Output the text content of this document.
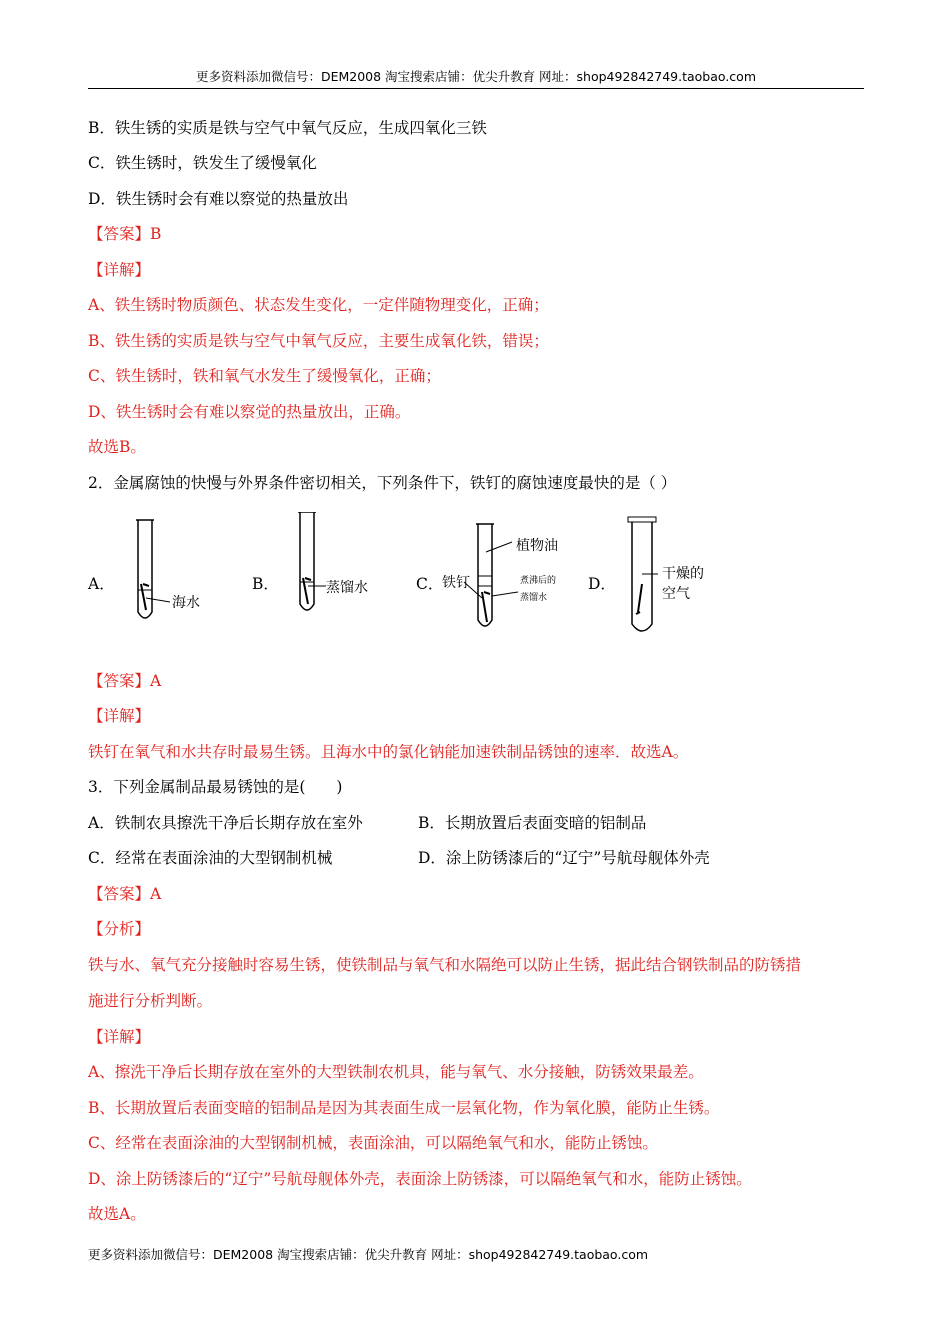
更多资料添加微信号：DEM2008 淘宝搜索店铺：优尖升教育 网址：shop492842749.taobao.com
B．铁生锈的实质是铁与空气中氧气反应，生成四氧化三铁
C．铁生锈时，铁发生了缓慢氧化
D．铁生锈时会有难以察觉的热量放出
【答案】B
【详解】
A、铁生锈时物质颜色、状态发生变化，一定伴随物理变化，正确；
B、铁生锈的实质是铁与空气中氧气反应，主要生成氧化铁，错误；
C、铁生锈时，铁和氧气水发生了缓慢氧化，正确；
D、铁生锈时会有难以察觉的热量放出，正确。
故选B。
2．金属腐蚀的快慢与外界条件密切相关，下列条件下，铁钉的腐蚀速度最快的是（ ）
A．	B．	C．	D．
海水
蒸馏水
植物油
铁钉	煮沸后的
蒸馏水
干燥的
空气
【答案】A
【详解】
铁钉在氧气和水共存时最易生锈。且海水中的氯化钠能加速铁制品锈蚀的速率．故选A。
3．下列金属制品最易锈蚀的是(　　)
A．铁制农具擦洗干净后长期存放在室外	B．长期放置后表面变暗的铝制品
C．经常在表面涂油的大型钢制机械	D．涂上防锈漆后的“辽宁”号航母舰体外壳
【答案】A
【分析】
铁与水、氧气充分接触时容易生锈，使铁制品与氧气和水隔绝可以防止生锈，据此结合钢铁制品的防锈措
施进行分析判断。
【详解】
A、擦洗干净后长期存放在室外的大型铁制农机具，能与氧气、水分接触，防锈效果最差。
B、长期放置后表面变暗的铝制品是因为其表面生成一层氧化物，作为氧化膜，能防止生锈。
C、经常在表面涂油的大型钢制机械，表面涂油，可以隔绝氧气和水，能防止锈蚀。
D、涂上防锈漆后的“辽宁”号航母舰体外壳，表面涂上防锈漆，可以隔绝氧气和水，能防止锈蚀。
故选A。
更多资料添加微信号：DEM2008 淘宝搜索店铺：优尖升教育 网址：shop492842749.taobao.com
